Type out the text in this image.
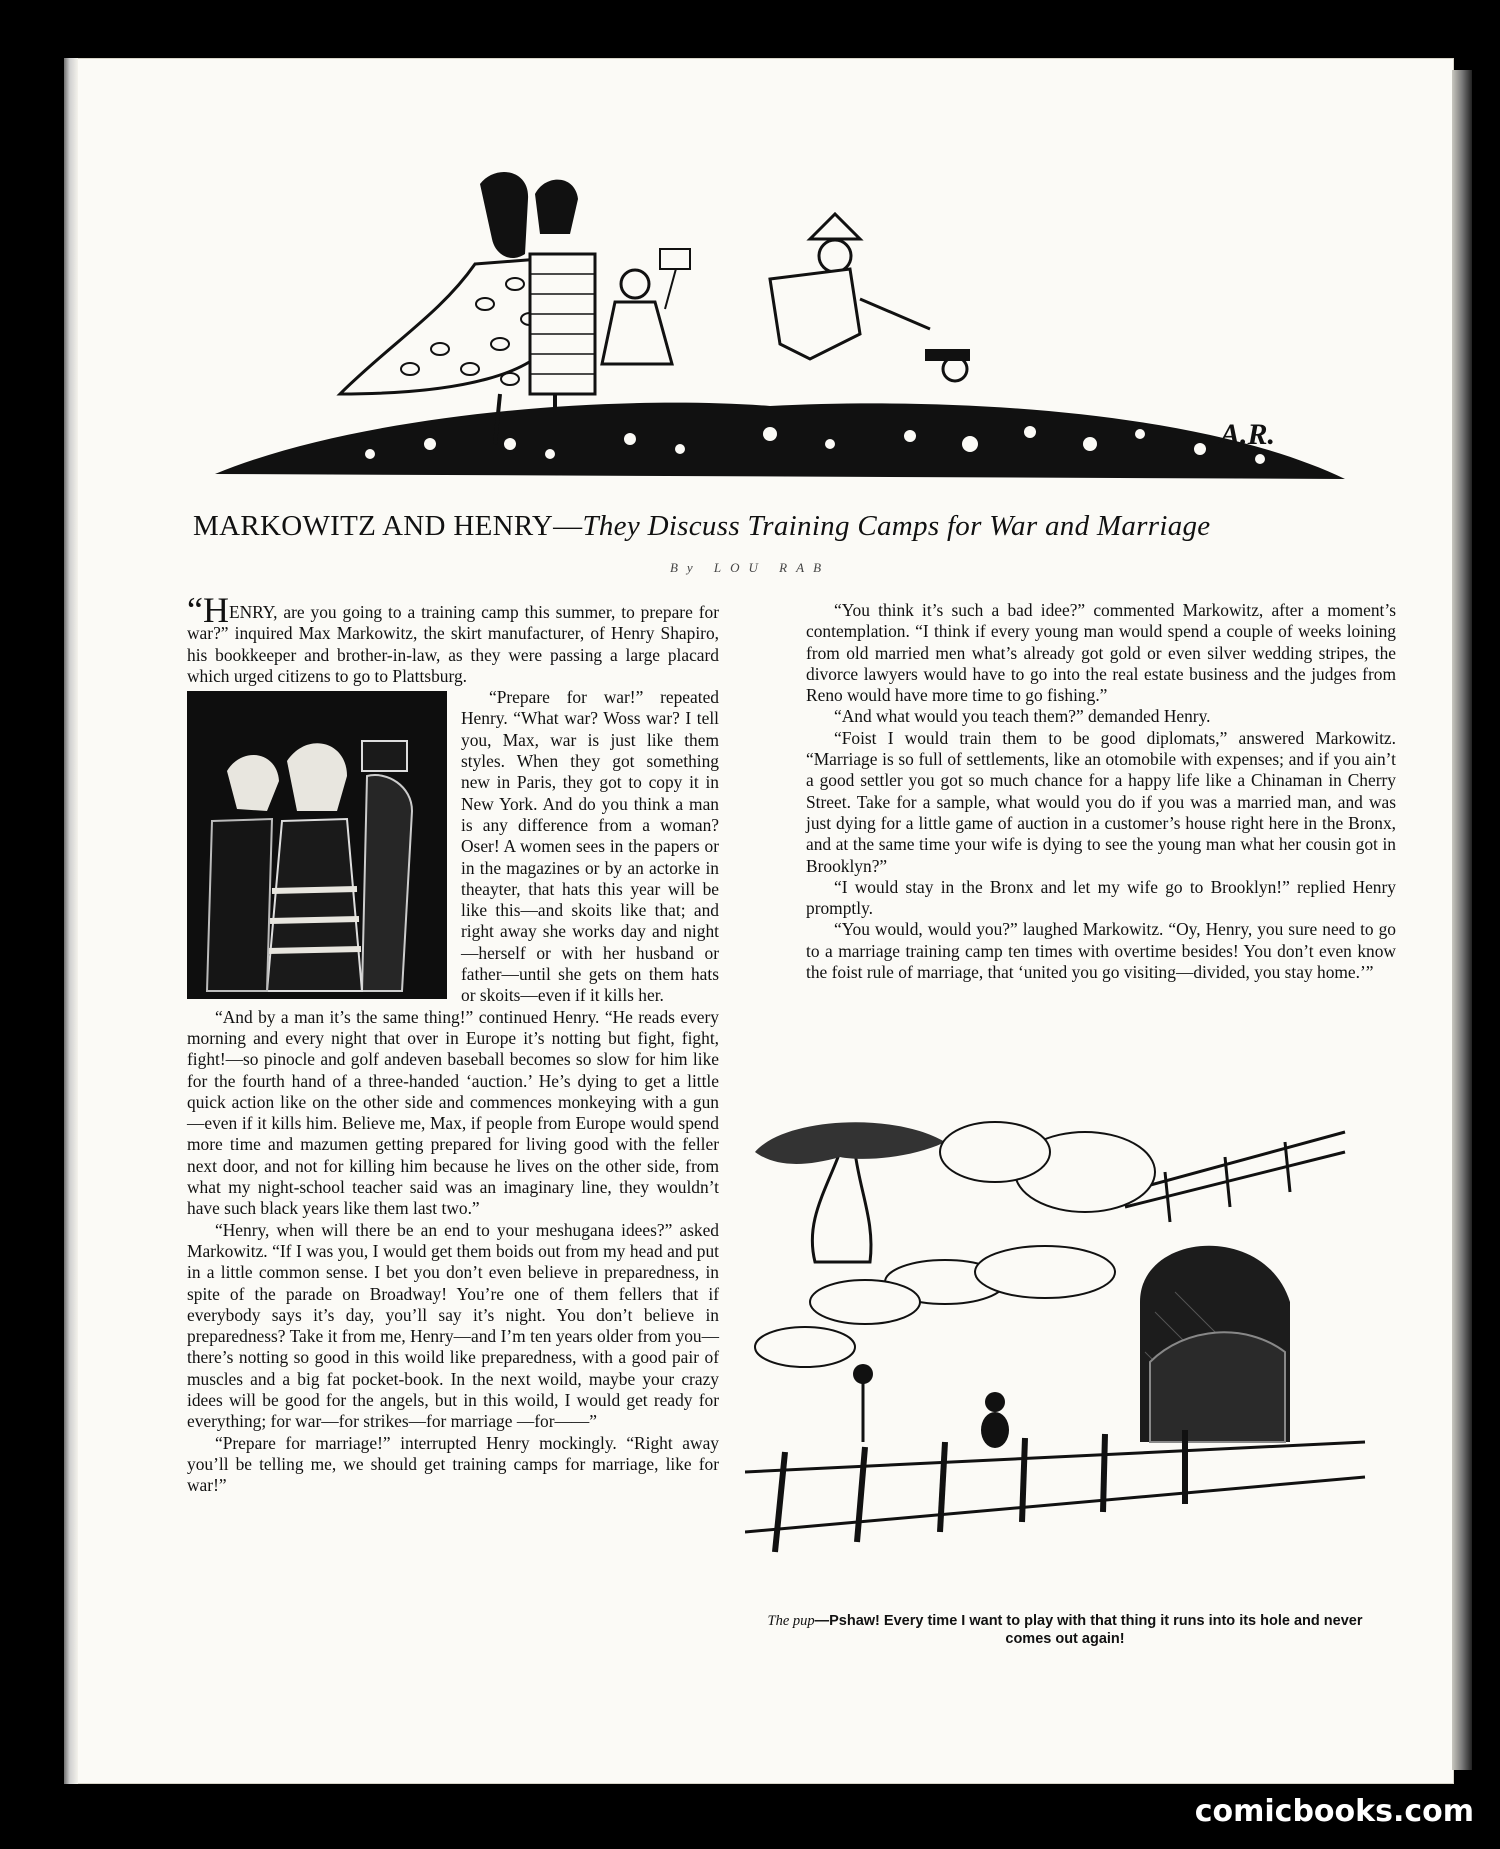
A.R.
MARKOWITZ AND HENRY—They Discuss Training Camps for War and Marriage
By LOU RAB

“HENRY, are you going to a training camp this summer, to prepare for war?” inquired Max Markowitz, the skirt manufacturer, of Henry Shapiro, his bookkeeper and brother-in-law, as they were passing a large placard which urged citizens to go to Plattsburg.

“Prepare for war!” repeated Henry. “What war? Woss war? I tell you, Max, war is just like them styles. When they got something new in Paris, they got to copy it in New York. And do you think a man is any difference from a woman? Oser! A women sees in the papers or in the magazines or by an actorke in theayter, that hats this year will be like this—and skoits like that; and right away she works day and night—herself or with her husband or father—until she gets on them hats or skoits—even if it kills her.

“And by a man it’s the same thing!” continued Henry. “He reads every morning and every night that over in Europe it’s notting but fight, fight, fight!—so pinocle and golf andeven baseball becomes so slow for him like for the fourth hand of a three-handed ‘auction.’ He’s dying to get a little quick action like on the other side and commences monkeying with a gun —even if it kills him. Believe me, Max, if people from Europe would spend more time and mazumen getting prepared for living good with the feller next door, and not for killing him because he lives on the other side, from what my night-school teacher said was an imaginary line, they wouldn’t have such black years like them last two.”

“Henry, when will there be an end to your meshugana idees?” asked Markowitz. “If I was you, I would get them boids out from my head and put in a little common sense. I bet you don’t even believe in preparedness, in spite of the parade on Broadway! You’re one of them fellers that if everybody says it’s day, you’ll say it’s night. You don’t believe in preparedness? Take it from me, Henry—and I’m ten years older from you—there’s notting so good in this woild like preparedness, with a good pair of muscles and a big fat pocket-book. In the next woild, maybe your crazy idees will be good for the angels, but in this woild, I would get ready for everything; for war—for strikes—for marriage —for——”

“Prepare for marriage!” interrupted Henry mockingly. “Right away you’ll be telling me, we should get training camps for marriage, like for war!”

“You think it’s such a bad idee?” commented Markowitz, after a moment’s contemplation. “I think if every young man would spend a couple of weeks loining from old married men what’s already got gold or even silver wedding stripes, the divorce lawyers would have to go into the real estate business and the judges from Reno would have more time to go fishing.”

“And what would you teach them?” demanded Henry.

“Foist I would train them to be good diplomats,” answered Markowitz. “Marriage is so full of settlements, like an otomobile with expenses; and if you ain’t a good settler you got so much chance for a happy life like a Chinaman in Cherry Street. Take for a sample, what would you do if you was a married man, and was just dying for a little game of auction in a customer’s house right here in the Bronx, and at the same time your wife is dying to see the young man what her cousin got in Brooklyn?”

“I would stay in the Bronx and let my wife go to Brooklyn!” replied Henry promptly.

“You would, would you?” laughed Markowitz. “Oy, Henry, you sure need to go to a marriage training camp ten times with overtime besides! You don’t even know the foist rule of marriage, that ‘united you go visiting—divided, you stay home.’”

The pup—Pshaw! Every time I want to play with that thing it runs into its hole and never comes out again!
comicbooks.com
